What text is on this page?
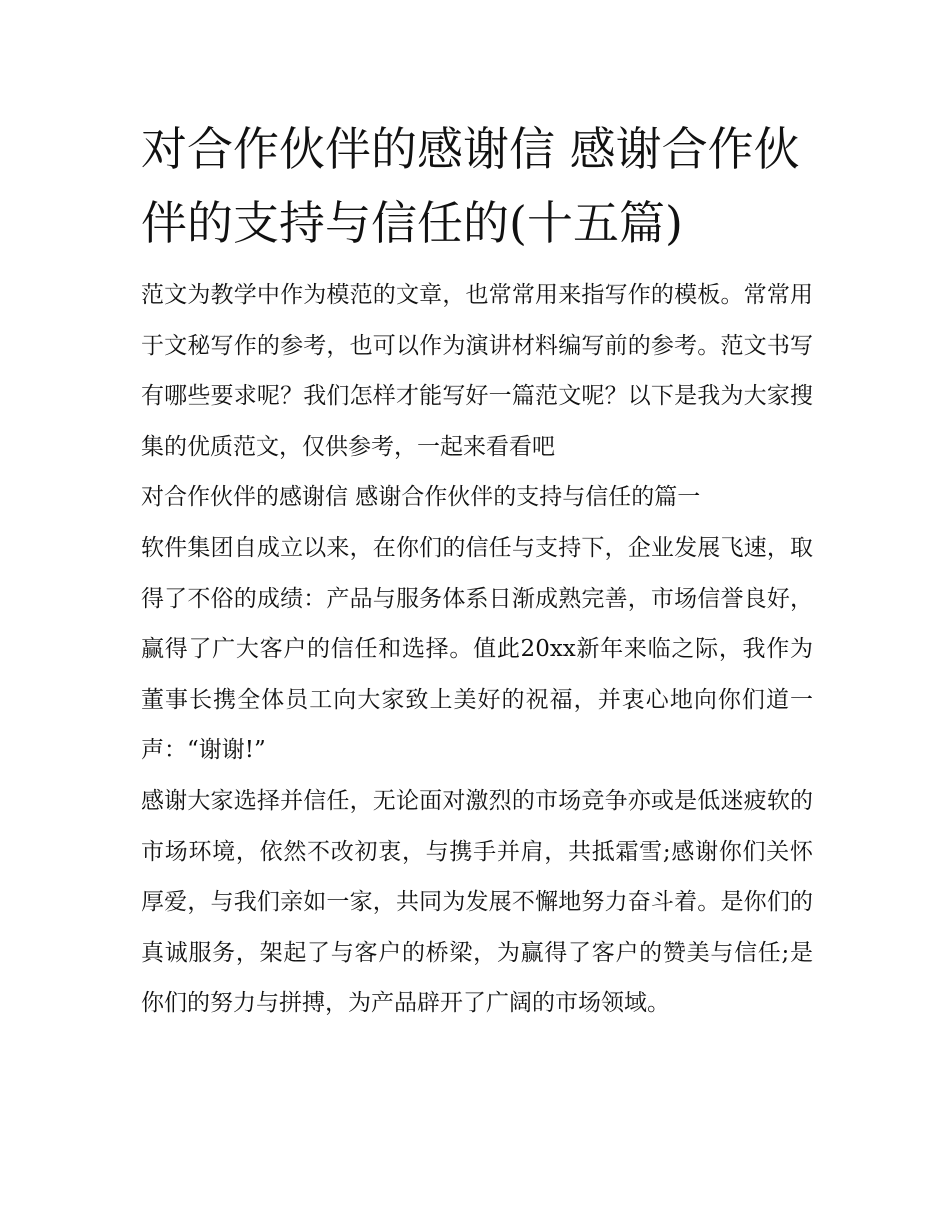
对合作伙伴的感谢信 感谢合作伙伴的支持与信任的(十五篇)

范文为教学中作为模范的文章，也常常用来指写作的模板。常常用于文秘写作的参考，也可以作为演讲材料编写前的参考。范文书写有哪些要求呢？我们怎样才能写好一篇范文呢？以下是我为大家搜集的优质范文，仅供参考，一起来看看吧

对合作伙伴的感谢信 感谢合作伙伴的支持与信任的篇一

软件集团自成立以来，在你们的信任与支持下，企业发展飞速，取得了不俗的成绩：产品与服务体系日渐成熟完善，市场信誉良好，赢得了广大客户的信任和选择。值此20xx新年来临之际，我作为董事长携全体员工向大家致上美好的祝福，并衷心地向你们道一声：“谢谢!”

感谢大家选择并信任，无论面对激烈的市场竞争亦或是低迷疲软的市场环境，依然不改初衷，与携手并肩，共抵霜雪;感谢你们关怀厚爱，与我们亲如一家，共同为发展不懈地努力奋斗着。是你们的真诚服务，架起了与客户的桥梁，为赢得了客户的赞美与信任;是你们的努力与拼搏，为产品辟开了广阔的市场领域。
